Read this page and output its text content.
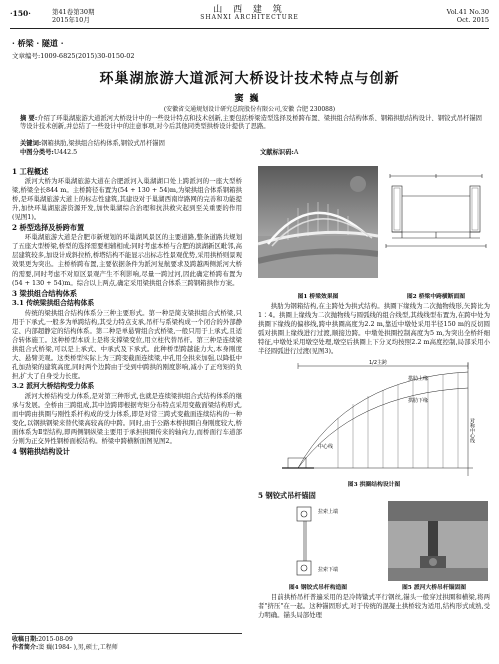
·150·	第41卷第30期
2015年10月
山 西 建 筑
SHANXI ARCHITECTURE
Vol.41 No.30
Oct. 2015
· 桥梁 · 隧道 ·
文章编号:1009-6825(2015)30-0150-02
环巢湖旅游大道派河大桥设计技术特点与创新
窦巍
(安徽省交通规划设计研究总院股份有限公司,安徽 合肥 230088)
摘 要:介绍了环巢湖旅游大道派河大桥设计中的一些设计特点和技术创新,主要包括桥梁造型选择及桥跨布置、梁拱组合结构体系、钢箱拱肋结构设计、钢铰式吊杆锚固等设计技术创新,并总结了一些设计中的注意事项,对今后其他同类型拱桥设计提供了思路。
关键词:钢箱拱肋,梁拱组合结构体系,钢铰式吊杆锚固
中图分类号:U442.5	文献标识码:A
1 工程概述
派河大桥为环巢湖旅游大道在合肥派河入巢湖湖口处上跨派河的一座大型桥梁,桥梁全长844 m。主桥跨径布置为(54 + 130 + 54)m,为梁拱组合体系钢箱拱桥,是环巢湖旅游大道上的标志性建筑,其建设对于巢湖西南岸路网的完善和功能提升,加快环巢湖旅游资源开发,加快巢湖综合治理和抗洪救灾起到至关重要的作用(见图1)。
2 桥型选择及桥跨布置
环巢湖旅游大道是合肥市新规划的环巢湖风景区的主要道路,整条道路共规划了五座大型桥梁,桥型的选择需要相辅相成;同时考虑本桥与合肥的滨湖新区毗邻,高层建筑较多,加设计成斜拉桥,桥塔结构不能显示出标志性景观优势,采用拱桥则景观效果更为突出。主桥桥跨布置,主要依据条件为派河复航要求及跨越两侧派河大桥的需要,同时考虑不对原区景观产生不利影响,尽量一跨过河,因此确定桥跨布置为(54 + 130 + 54)m。综合以上两点,确定采用梁拱组合体系三跨钢箱拱作方案。
3 梁拱组合结构体系
3.1 传统梁拱组合结构体系
传统的梁拱组合结构体系分三种主要形式。第一种是简支梁拱组合式桥梁,只用于下承式,一般多为单跨结构,其受力特点支承,吊杆与系梁构成一个闭合的外部静定、内部超静定的结构体系。第二种是单悬臂组合式桥梁,一般只用于上承式,且适合转体施工。这种桥型本质上是将支撑梁变位,用立柱代替吊杆。第三种是连续梁拱组合式桥梁,可以是上承式、中承式及下承式。此种桥型跨越能力大,本身刚度大、悬臂美观。这类桥型实际上为三跨变截面连续梁,中孔用全拱来加强,以降低中孔加劲梁的建筑高度,同时两个边跨由于受到中跨拱的刚度影响,减小了正弯矩的负担,扩大了自身受力长度。
3.2 派河大桥结构受力体系
派河大桥结构受力体系,是对第三种形式,也就是连续梁拱组合式结构体系的继承与发展。全桥由三跨组成,其中边跨即根据弯矩分布特点采用变截面梁结构形式,而中跨由拱圈与刚性系杆构成的受力体系,即是对常三跨式变截面连续结构的一种变化,以钢拱钢梁来替代梁高较高的中跨。同时,由于公路本桥拱圈自身刚度较大,桥面体系为Ⅱ型结构,即两侧钢纵梁主要用于承担拱圈传来的轴向力,而桥面行车道部分则为正交异性钢桥面板结构。桥梁中跨横断面图见图2。
4 钢箱拱结构设计
收稿日期:2015-08-09
作者简介:窦 巍(1984- ),男,硕士,工程师
图1 桥梁效果图	图2 桥梁中跨横断面图
拱肋为钢箱结构,在主跨处为拱式结构。拱圈下缘线为二次抛物线形,矢跨比为1∶4。拱圈上缘线为二次抛物线与圆弧线的组合线型,其线线型布置为,在跨中处为拱圈下缘线的偏移线,跨中拱圈高度为2.2 m,靠近中墩处采用半径150 m的反切圆弧对拱圈上缘线进行过渡,顺接边跨。中墩处拱圈控制高度为5 m,为突出全桥纤细特征,中墩处采用墩空处理,墩空后拱圈上下分叉均按照2.2 m高度控制,局部采用小半径圆弧进行过渡(见图3)。
1/2主跨
拱肋上缘
拱肋下缘
中心线
对称中心线
图3 拱圈结构设计图
5 钢铰式吊杆锚固
拉索上端
拉索下端
图4 钢铰式吊杆构造图	图5 派河大桥吊杆锚固图
目前拱桥吊杆普遍采用的是冷铸镦式平行钢丝,锚头一般穿过拱圈和横梁,将两者"挤压"在一起。这种锚固形式,对于传统的混凝土拱桥较为适用,结构形式成熟,受力明确。锚头局部处理
